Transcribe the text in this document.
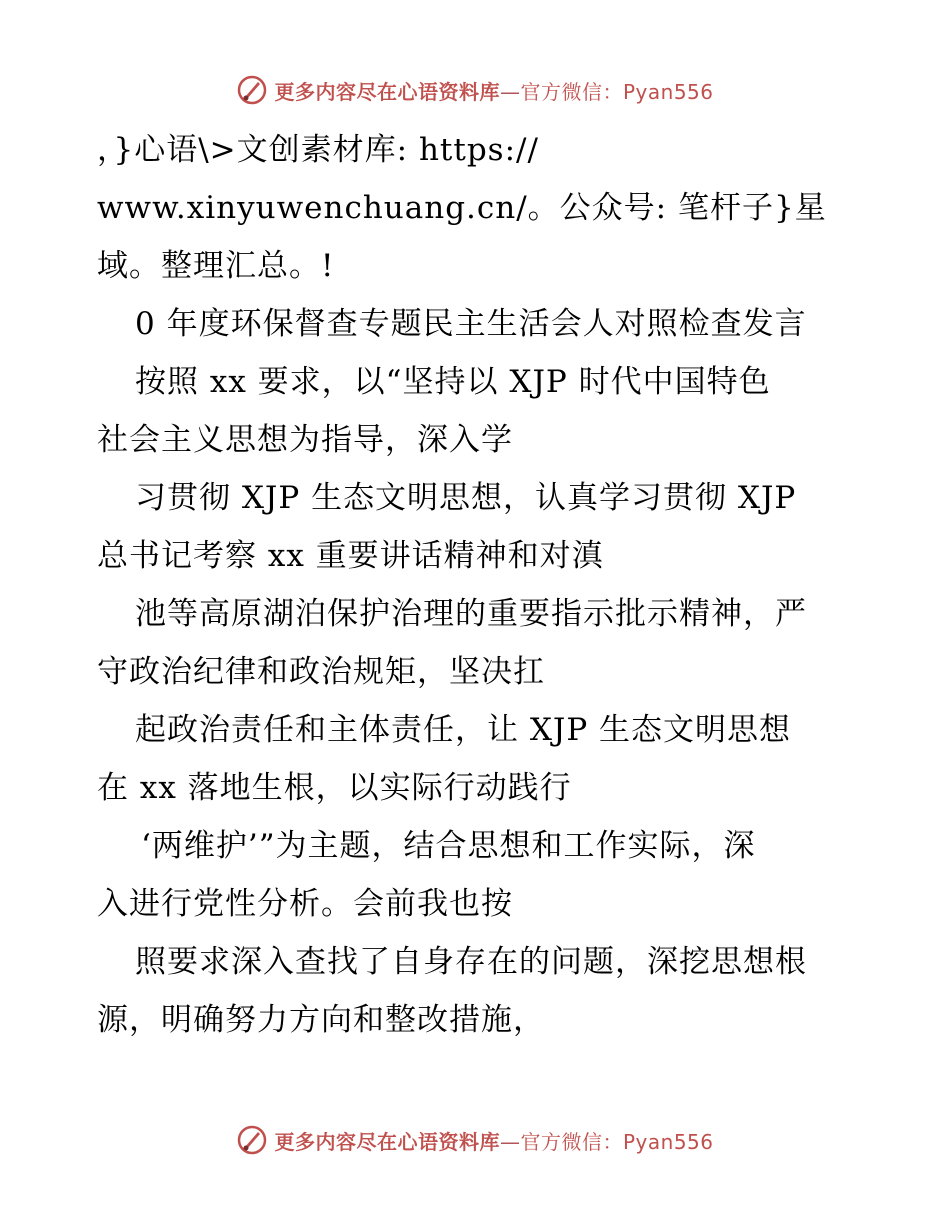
更多内容尽在心语资料库—官方微信：Pyan556
，}心语\>文创素材库: https://
www.xinyuwenchuang.cn/。公众号: 笔杆子}星
域。整理汇总。!
0 年度环保督查专题民主生活会人对照检查发言
按照 xx 要求，以“坚持以 XJP 时代中国特色
社会主义思想为指导，深入学
习贯彻 XJP 生态文明思想，认真学习贯彻 XJP
总书记考察 xx 重要讲话精神和对滇
池等高原湖泊保护治理的重要指示批示精神，严
守政治纪律和政治规矩，坚决扛
起政治责任和主体责任，让 XJP 生态文明思想
在 xx 落地生根，以实际行动践行
‘两维护’”为主题，结合思想和工作实际，深
入进行党性分析。会前我也按
照要求深入查找了自身存在的问题，深挖思想根
源，明确努力方向和整改措施，
更多内容尽在心语资料库—官方微信：Pyan556
